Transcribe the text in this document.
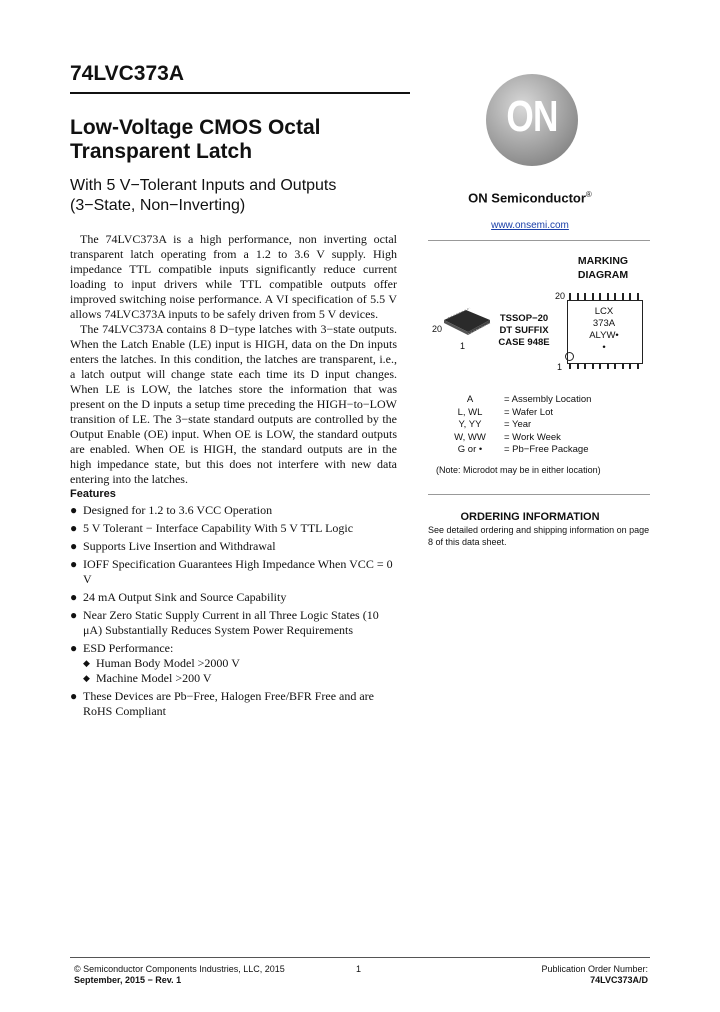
74LVC373A
Low-Voltage CMOS Octal
Transparent Latch
With 5 V−Tolerant Inputs and Outputs
(3−State, Non−Inverting)

The 74LVC373A is a high performance, non inverting octal transparent latch operating from a 1.2 to 3.6 V supply. High impedance TTL compatible inputs significantly reduce current loading to input drivers while TTL compatible outputs offer improved switching noise performance. A VI specification of 5.5 V allows 74LVC373A inputs to be safely driven from 5 V devices.

The 74LVC373A contains 8 D−type latches with 3−state outputs. When the Latch Enable (LE) input is HIGH, data on the Dn inputs enters the latches. In this condition, the latches are transparent, i.e., a latch output will change state each time its D input changes. When LE is LOW, the latches store the information that was present on the D inputs a setup time preceding the HIGH−to−LOW transition of LE. The 3−state standard outputs are controlled by the Output Enable (OE) input. When OE is LOW, the standard outputs are enabled. When OE is HIGH, the standard outputs are in the high impedance state, but this does not interfere with new data entering into the latches.

Features
● Designed for 1.2 to 3.6 VCC Operation
● 5 V Tolerant − Interface Capability With 5 V TTL Logic
● Supports Live Insertion and Withdrawal
● IOFF Specification Guarantees High Impedance When VCC = 0 V
● 24 mA Output Sink and Source Capability
● Near Zero Static Supply Current in all Three Logic States (10 μA) Substantially Reduces System Power Requirements
● ESD Performance:
◆ Human Body Model >2000 V
◆ Machine Model >200 V
● These Devices are Pb−Free, Halogen Free/BFR Free and are RoHS Compliant
ON
ON Semiconductor®
www.onsemi.com
MARKING
DIAGRAM
20
1
TSSOP−20
DT SUFFIX
CASE 948E
LCX
373A
ALYW•
•
20
1
A	= Assembly Location
L, WL = Wafer Lot
Y, YY = Year
W, WW = Work Week
G or • = Pb−Free Package
(Note: Microdot may be in either location)
ORDERING INFORMATION
See detailed ordering and shipping information on page 8 of this data sheet.
© Semiconductor Components Industries, LLC, 2015
September, 2015 − Rev. 1
1	Publication Order Number:
74LVC373A/D
